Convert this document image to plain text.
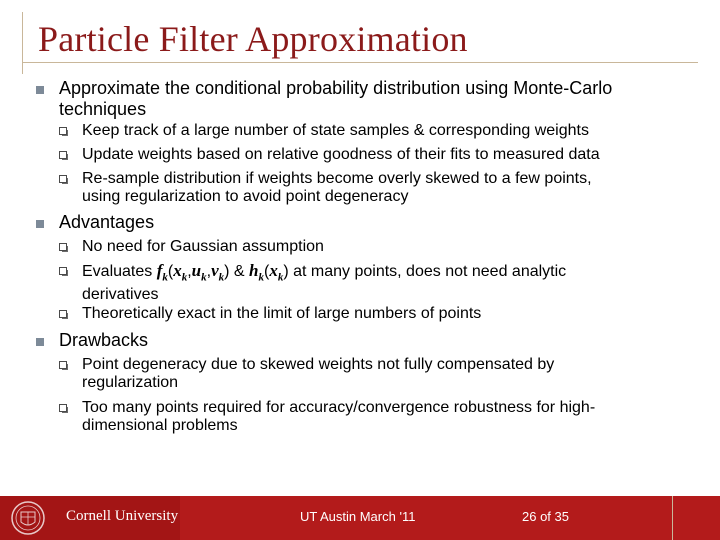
Particle Filter Approximation
Approximate the conditional probability distribution using Monte-Carlo
techniques
Keep track of a large number of state samples & corresponding weights
Update weights based on relative goodness of their fits to measured data
Re-sample distribution if weights become overly skewed to a few points,
using regularization to avoid point degeneracy
Advantages
No need for Gaussian assumption
Evaluates $f_k(x_k,u_k,v_k)$ & $h_k(x_k)$ at many points, does not need analytic
derivatives
Theoretically exact in the limit of large numbers of points
Drawbacks
Point degeneracy due to skewed weights not fully compensated by
regularization
Too many points required for accuracy/convergence robustness for high-
dimensional problems
Cornell University	UT Austin March '11	26 of 35
